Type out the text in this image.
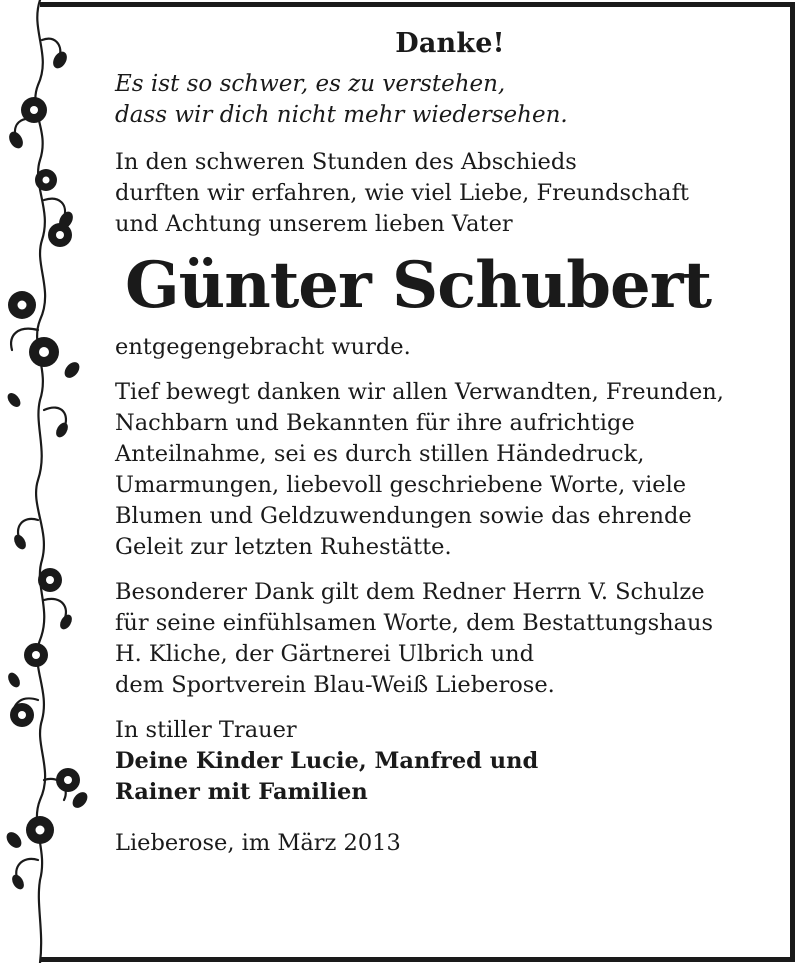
Danke!
Es ist so schwer, es zu verstehen,
dass wir dich nicht mehr wiedersehen.
In den schweren Stunden des Abschieds
durften wir erfahren, wie viel Liebe, Freundschaft
und Achtung unserem lieben Vater
Günter Schubert
entgegengebracht wurde.
Tief bewegt danken wir allen Verwandten, Freunden,
Nachbarn und Bekannten für ihre aufrichtige
Anteilnahme, sei es durch stillen Händedruck,
Umarmungen, liebevoll geschriebene Worte, viele
Blumen und Geldzuwendungen sowie das ehrende
Geleit zur letzten Ruhestätte.
Besonderer Dank gilt dem Redner Herrn V. Schulze
für seine einfühlsamen Worte, dem Bestattungshaus
H. Kliche, der Gärtnerei Ulbrich und
dem Sportverein Blau-Weiß Lieberose.
In stiller Trauer
Deine Kinder Lucie, Manfred und
Rainer mit Familien
Lieberose, im März 2013
